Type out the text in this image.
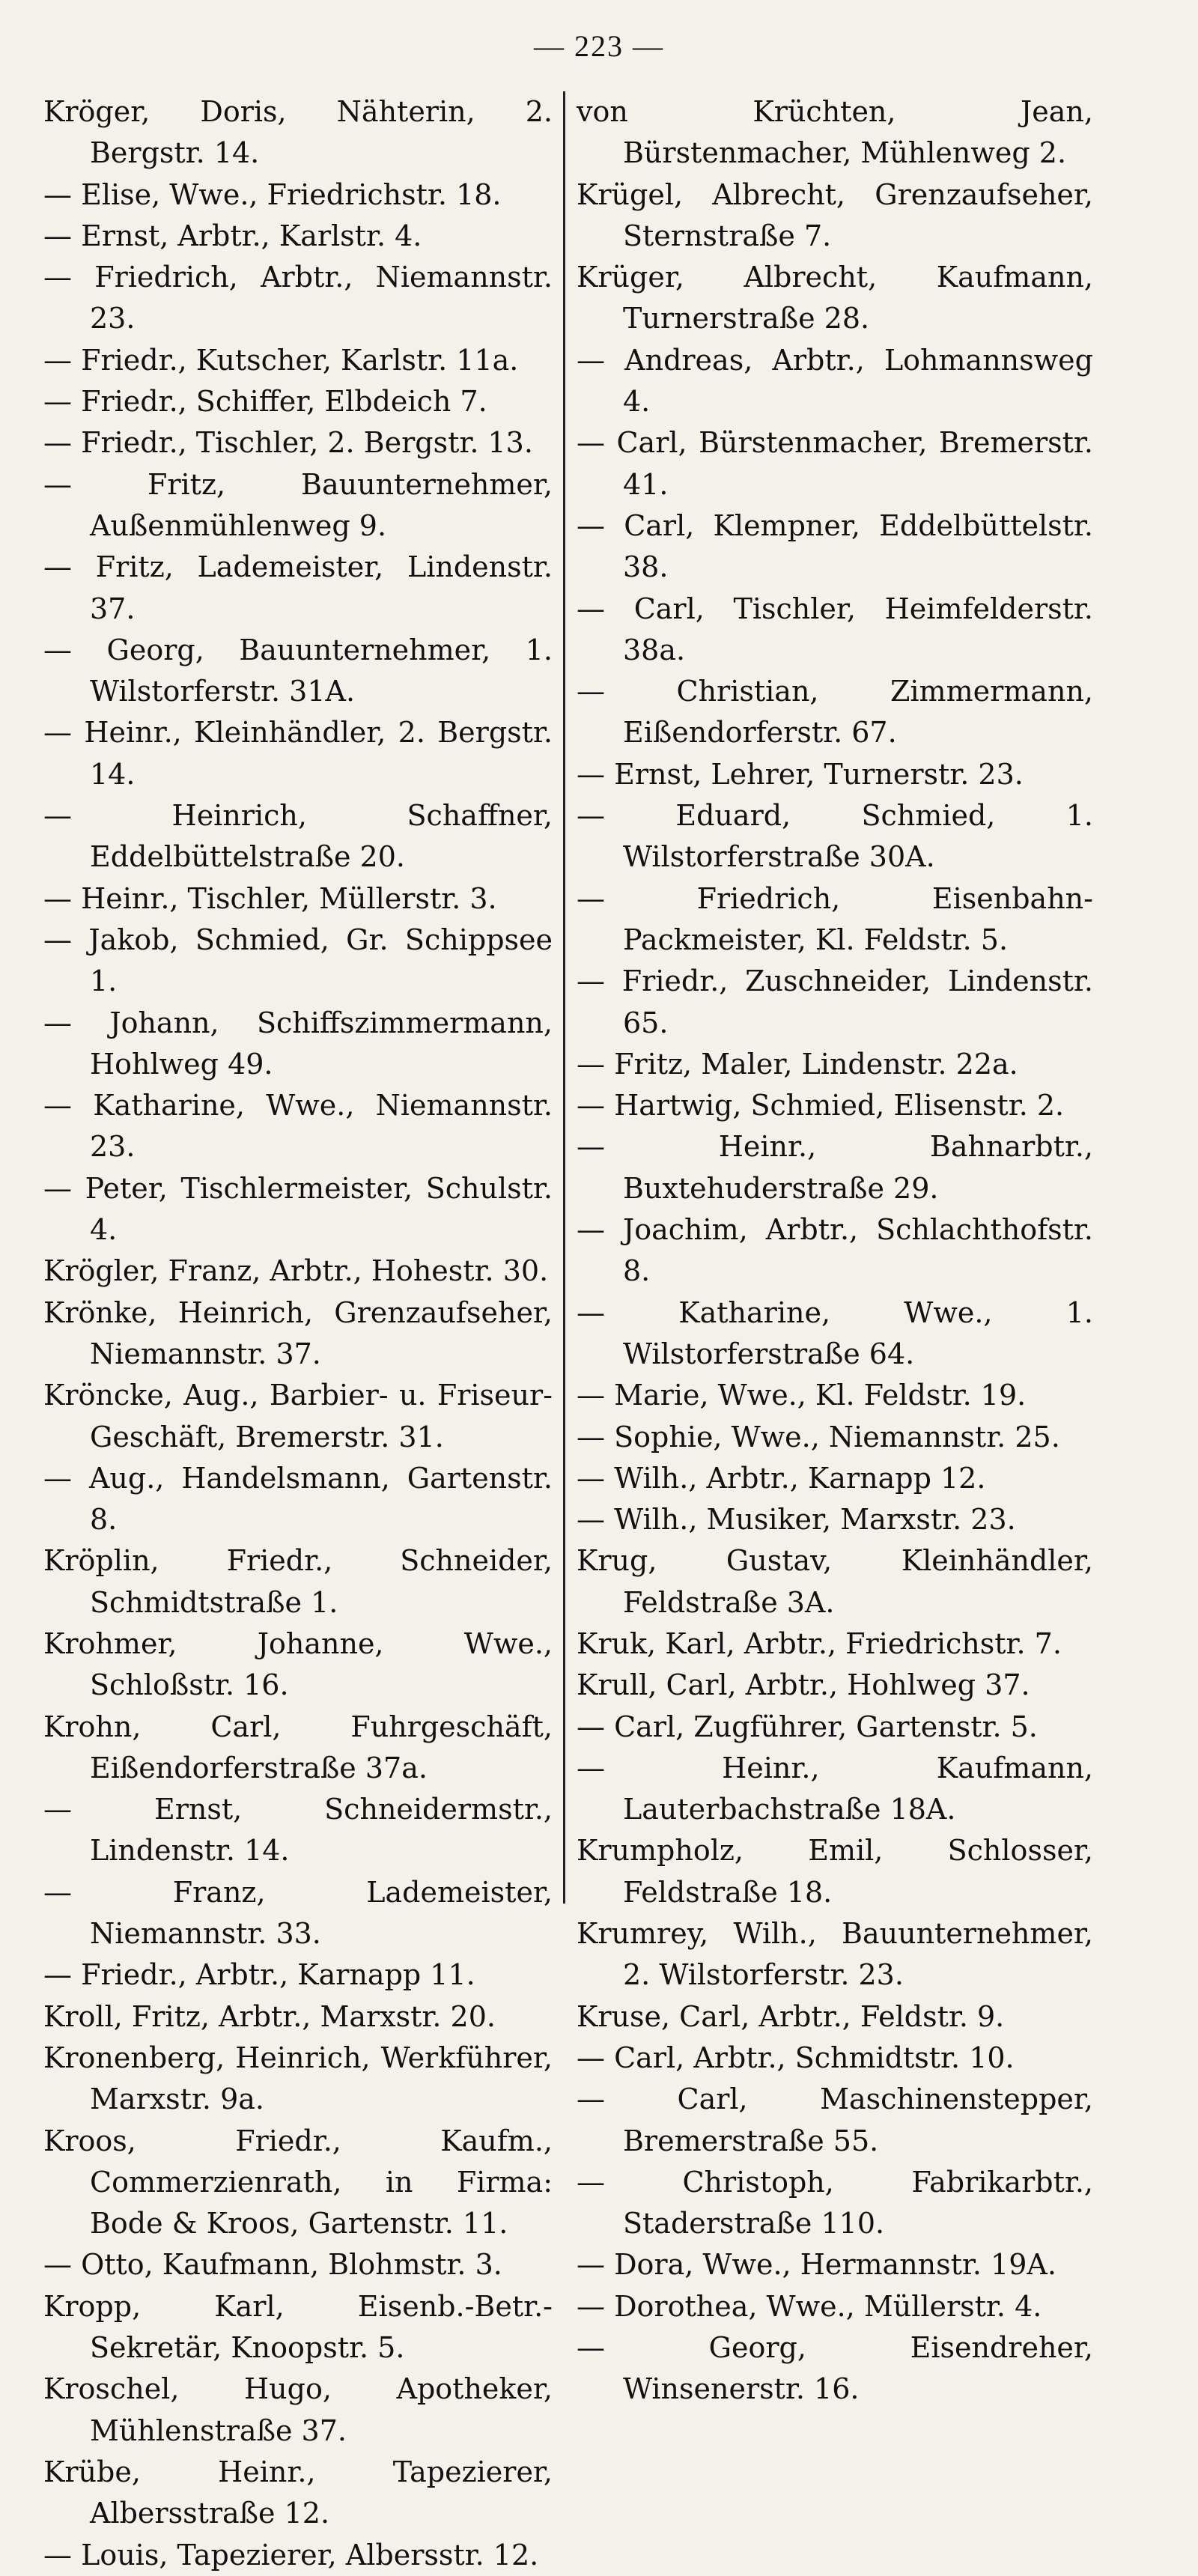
— 223 —
Kröger, Doris, Nähterin, 2. Bergstr. 14.
— Elise, Wwe., Friedrichstr. 18.
— Ernst, Arbtr., Karlstr. 4.
— Friedrich, Arbtr., Niemannstr. 23.
— Friedr., Kutscher, Karlstr. 11a.
— Friedr., Schiffer, Elbdeich 7.
— Friedr., Tischler, 2. Bergstr. 13.
— Fritz, Bauunternehmer, Außenmühlenweg 9.
— Fritz, Lademeister, Lindenstr. 37.
— Georg, Bauunternehmer, 1. Wilstorferstr. 31A.
— Heinr., Kleinhändler, 2. Bergstr. 14.
— Heinrich, Schaffner, Eddelbüttelstraße 20.
— Heinr., Tischler, Müllerstr. 3.
— Jakob, Schmied, Gr. Schippsee 1.
— Johann, Schiffszimmermann, Hohlweg 49.
— Katharine, Wwe., Niemannstr. 23.
— Peter, Tischlermeister, Schulstr. 4.
Krögler, Franz, Arbtr., Hohestr. 30.
Krönke, Heinrich, Grenzaufseher, Niemannstr. 37.
Kröncke, Aug., Barbier- u. Friseur-Geschäft, Bremerstr. 31.
— Aug., Handelsmann, Gartenstr. 8.
Kröplin, Friedr., Schneider, Schmidtstraße 1.
Krohmer, Johanne, Wwe., Schloßstr. 16.
Krohn, Carl, Fuhrgeschäft, Eißendorferstraße 37a.
— Ernst, Schneidermstr., Lindenstr. 14.
— Franz, Lademeister, Niemannstr. 33.
— Friedr., Arbtr., Karnapp 11.
Kroll, Fritz, Arbtr., Marxstr. 20.
Kronenberg, Heinrich, Werkführer, Marxstr. 9a.
Kroos, Friedr., Kaufm., Commerzienrath, in Firma: Bode & Kroos, Gartenstr. 11.
— Otto, Kaufmann, Blohmstr. 3.
Kropp, Karl, Eisenb.-Betr.-Sekretär, Knoopstr. 5.
Kroschel, Hugo, Apotheker, Mühlenstraße 37.
Krübe, Heinr., Tapezierer, Albersstraße 12.
— Louis, Tapezierer, Albersstr. 12.
von Krüchten, Jean, Bürstenmacher, Mühlenweg 2.
Krügel, Albrecht, Grenzaufseher, Sternstraße 7.
Krüger, Albrecht, Kaufmann, Turnerstraße 28.
— Andreas, Arbtr., Lohmannsweg 4.
— Carl, Bürstenmacher, Bremerstr. 41.
— Carl, Klempner, Eddelbüttelstr. 38.
— Carl, Tischler, Heimfelderstr. 38a.
— Christian, Zimmermann, Eißendorferstr. 67.
— Ernst, Lehrer, Turnerstr. 23.
— Eduard, Schmied, 1. Wilstorferstraße 30A.
— Friedrich, Eisenbahn-Packmeister, Kl. Feldstr. 5.
— Friedr., Zuschneider, Lindenstr. 65.
— Fritz, Maler, Lindenstr. 22a.
— Hartwig, Schmied, Elisenstr. 2.
— Heinr., Bahnarbtr., Buxtehuderstraße 29.
— Joachim, Arbtr., Schlachthofstr. 8.
— Katharine, Wwe., 1. Wilstorferstraße 64.
— Marie, Wwe., Kl. Feldstr. 19.
— Sophie, Wwe., Niemannstr. 25.
— Wilh., Arbtr., Karnapp 12.
— Wilh., Musiker, Marxstr. 23.
Krug, Gustav, Kleinhändler, Feldstraße 3A.
Kruk, Karl, Arbtr., Friedrichstr. 7.
Krull, Carl, Arbtr., Hohlweg 37.
— Carl, Zugführer, Gartenstr. 5.
— Heinr., Kaufmann, Lauterbachstraße 18A.
Krumpholz, Emil, Schlosser, Feldstraße 18.
Krumrey, Wilh., Bauunternehmer, 2. Wilstorferstr. 23.
Kruse, Carl, Arbtr., Feldstr. 9.
— Carl, Arbtr., Schmidtstr. 10.
— Carl, Maschinenstepper, Bremerstraße 55.
— Christoph, Fabrikarbtr., Staderstraße 110.
— Dora, Wwe., Hermannstr. 19A.
— Dorothea, Wwe., Müllerstr. 4.
— Georg, Eisendreher, Winsenerstr. 16.
